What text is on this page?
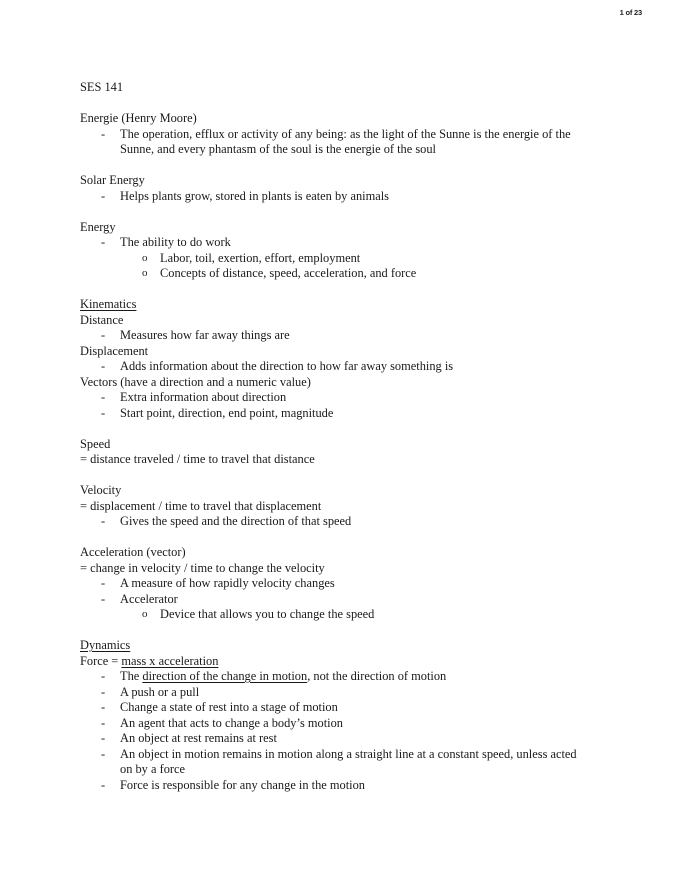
1 of 23
SES 141
Energie (Henry Moore)
- The operation, efflux or activity of any being: as the light of the Sunne is the energie of the Sunne, and every phantasm of the soul is the energie of the soul
Solar Energy
- Helps plants grow, stored in plants is eaten by animals
Energy
- The ability to do work
o Labor, toil, exertion, effort, employment
o Concepts of distance, speed, acceleration, and force
Kinematics
Distance
- Measures how far away things are
Displacement
- Adds information about the direction to how far away something is
Vectors (have a direction and a numeric value)
- Extra information about direction
- Start point, direction, end point, magnitude
Speed
= distance traveled / time to travel that distance
Velocity
= displacement / time to travel that displacement
- Gives the speed and the direction of that speed
Acceleration (vector)
= change in velocity / time to change the velocity
- A measure of how rapidly velocity changes
- Accelerator
o Device that allows you to change the speed
Dynamics
Force = mass x acceleration
- The direction of the change in motion, not the direction of motion
- A push or a pull
- Change a state of rest into a stage of motion
- An agent that acts to change a body’s motion
- An object at rest remains at rest
- An object in motion remains in motion along a straight line at a constant speed, unless acted on by a force
- Force is responsible for any change in the motion
